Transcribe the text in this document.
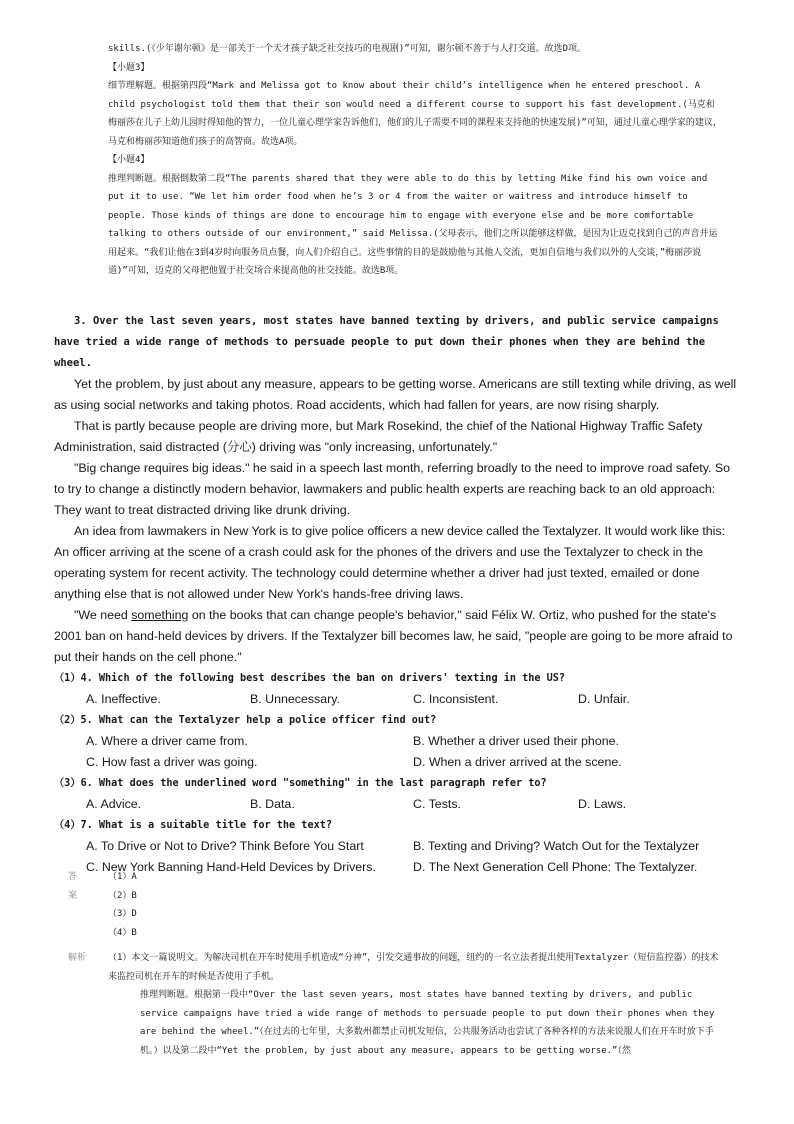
skills.(《少年谢尔顿》是一部关于一个天才孩子缺乏社交技巧的电视剧)”可知，谢尔顿不善于与人打交道。故选D项。

【小题3】

细节理解题。根据第四段“Mark and Melissa got to know about their child’s intelligence when he entered preschool. A child psychologist told them that their son would need a different course to support his fast development.(马克和梅丽莎在儿子上幼儿园时得知他的智力，一位儿童心理学家告诉他们，他们的儿子需要不同的课程来支持他的快速发展)”可知，通过儿童心理学家的建议，马克和梅丽莎知道他们孩子的高智商。故选A项。

【小题4】

推理判断题。根据倒数第二段“The parents shared that they were able to do this by letting Mike find his own voice and put it to use. “We let him order food when he’s 3 or 4 from the waiter or waitress and introduce himself to people. Those kinds of things are done to encourage him to engage with everyone else and be more comfortable talking to others outside of our environment,” said Melissa.(父母表示，他们之所以能够这样做，是因为让迈克找到自己的声音并运用起来。“我们让他在3到4岁时向服务员点餐，向人们介绍自己。这些事情的目的是鼓励他与其他人交流，更加自信地与我们以外的人交谈，”梅丽莎说道)”可知，迈克的父母把他置于社交场合来提高他的社交技能。故选B项。

3. Over the last seven years, most states have banned texting by drivers, and public service campaigns have tried a wide range of methods to persuade people to put down their phones when they are behind the wheel.

Yet the problem, by just about any measure, appears to be getting worse. Americans are still texting while driving, as well as using social networks and taking photos. Road accidents, which had fallen for years, are now rising sharply.

That is partly because people are driving more, but Mark Rosekind, the chief of the National Highway Traffic Safety Administration, said distracted (分心) driving was "only increasing, unfortunately."

"Big change requires big ideas." he said in a speech last month, referring broadly to the need to improve road safety. So to try to change a distinctly modern behavior, lawmakers and public health experts are reaching back to an old approach: They want to treat distracted driving like drunk driving.

An idea from lawmakers in New York is to give police officers a new device called the Textalyzer. It would work like this: An officer arriving at the scene of a crash could ask for the phones of the drivers and use the Textalyzer to check in the operating system for recent activity. The technology could determine whether a driver had just texted, emailed or done anything else that is not allowed under New York's hands-free driving laws.

"We need something on the books that can change people's behavior," said Félix W. Ortiz, who pushed for the state's 2001 ban on hand-held devices by drivers. If the Textalyzer bill becomes law, he said, "people are going to be more afraid to put their hands on the cell phone."

（1）4. Which of the following best describes the ban on drivers' texting in the US?

A. Ineffective.	B. Unnecessary.	C. Inconsistent.	D. Unfair.

（2）5. What can the Textalyzer help a police officer find out?

A. Where a driver came from.	B. Whether a driver used their phone.
C. How fast a driver was going.	D. When a driver arrived at the scene.

（3）6. What does the underlined word "something" in the last paragraph refer to?

A. Advice.	B. Data.	C. Tests.	D. Laws.

（4）7. What is a suitable title for the text?

A. To Drive or Not to Drive? Think Before You Start	B. Texting and Driving? Watch Out for the Textalyzer
C. New York Banning Hand-Held Devices by Drivers.	D. The Next Generation Cell Phone: The Textalyzer.
答案
（1）A
（2）B
（3）D
（4）B
解析 （1）本文一篇说明文。为解决司机在开车时使用手机造成“分神”，引发交通事故的问题，纽约的一名立法者提出使用Textalyzer（短信监控器）的技术来监控司机在开车的时候是否使用了手机。

推理判断题。根据第一段中“Over the last seven years, most states have banned texting by drivers, and public service campaigns have tried a wide range of methods to persuade people to put down their phones when they are behind the wheel.”（在过去的七年里，大多数州都禁止司机发短信，公共服务活动也尝试了各种各样的方法来说服人们在开车时放下手机。）以及第二段中“Yet the problem, by just about any measure, appears to be getting worse.”（然
